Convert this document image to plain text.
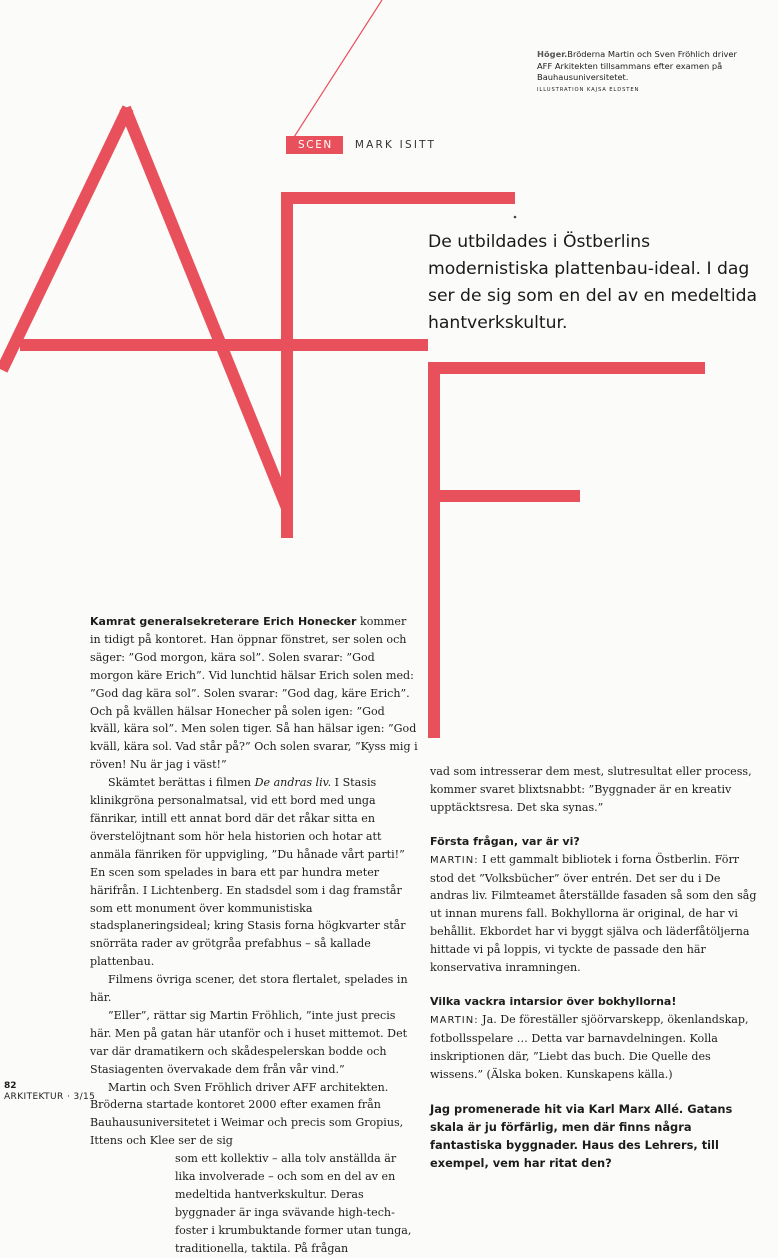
Höger.Bröderna Martin och Sven Fröhlich driver AFF Arkitekten tillsammans efter examen på Bauhausuniversitetet.
ILLUSTRATION KAJSA ELDSTEN
SCEN	MARK ISITT
De utbildades i Östberlins modernistiska plattenbau-ideal. I dag ser de sig som en del av en medeltida hantverkskultur.

Kamrat generalsekreterare Erich Honecker kommer in tidigt på kontoret. Han öppnar fönstret, ser solen och säger: ”God morgon, kära sol”. Solen svarar: ”God morgon käre Erich”. Vid lunchtid hälsar Erich solen med: ”God dag kära sol”. Solen svarar: ”God dag, käre Erich”. Och på kvällen hälsar Honecher på solen igen: ”God kväll, kära sol”. Men solen tiger. Så han hälsar igen: ”God kväll, kära sol. Vad står på?” Och solen svarar, ”Kyss mig i röven! Nu är jag i väst!”

Skämtet berättas i filmen De andras liv. I Stasis klinikgröna personalmatsal, vid ett bord med unga fänrikar, intill ett annat bord där det råkar sitta en överstelöjtnant som hör hela historien och hotar att anmäla fänriken för uppvigling, ”Du hånade vårt parti!” En scen som spelades in bara ett par hundra meter härifrån. I Lichtenberg. En stadsdel som i dag framstår som ett monument över kommunistiska stadsplaneringsideal; kring Stasis forna högkvarter står snörräta rader av grötgråa prefabhus – så kallade plattenbau.

Filmens övriga scener, det stora flertalet, spelades in här.

”Eller”, rättar sig Martin Fröhlich, ”inte just precis här. Men på gatan här utanför och i huset mittemot. Det var där dramatikern och skådespelerskan bodde och Stasiagenten övervakade dem från vår vind.”

Martin och Sven Fröhlich driver AFF architekten. Bröderna startade kontoret 2000 efter examen från Bauhausuniversitetet i Weimar och precis som Gropius, Ittens och Klee ser de sig

som ett kollektiv – alla tolv anställda är lika involverade – och som en del av en medeltida hantverkskultur. Deras byggnader är inga svävande high-tech-foster i krumbuktande former utan tunga, traditionella, taktila. På frågan

vad som intresserar dem mest, slutresultat eller process, kommer svaret blixtsnabbt: ”Byggnader är en kreativ upptäcktsresa. Det ska synas.”

Första frågan, var är vi?

MARTIN: I ett gammalt bibliotek i forna Östberlin. Förr stod det ”Volksbücher” över entrén. Det ser du i De andras liv. Filmteamet återställde fasaden så som den såg ut innan murens fall. Bokhyllorna är original, de har vi behållit. Ekbordet har vi byggt själva och läderfåtöljerna hittade vi på loppis, vi tyckte de passade den här konservativa inramningen.

Vilka vackra intarsior över bokhyllorna!

MARTIN: Ja. De föreställer sjöörvarskepp, ökenlandskap, fotbollsspelare … Detta var barnavdelningen. Kolla inskriptionen där, ”Liebt das buch. Die Quelle des wissens.” (Älska boken. Kunskapens källa.)

Jag promenerade hit via Karl Marx Allé. Gatans skala är ju förfärlig, men där finns några fantastiska byggnader. Haus des Lehrers, till exempel, vem har ritat den?

82
ARKITEKTUR · 3/15
